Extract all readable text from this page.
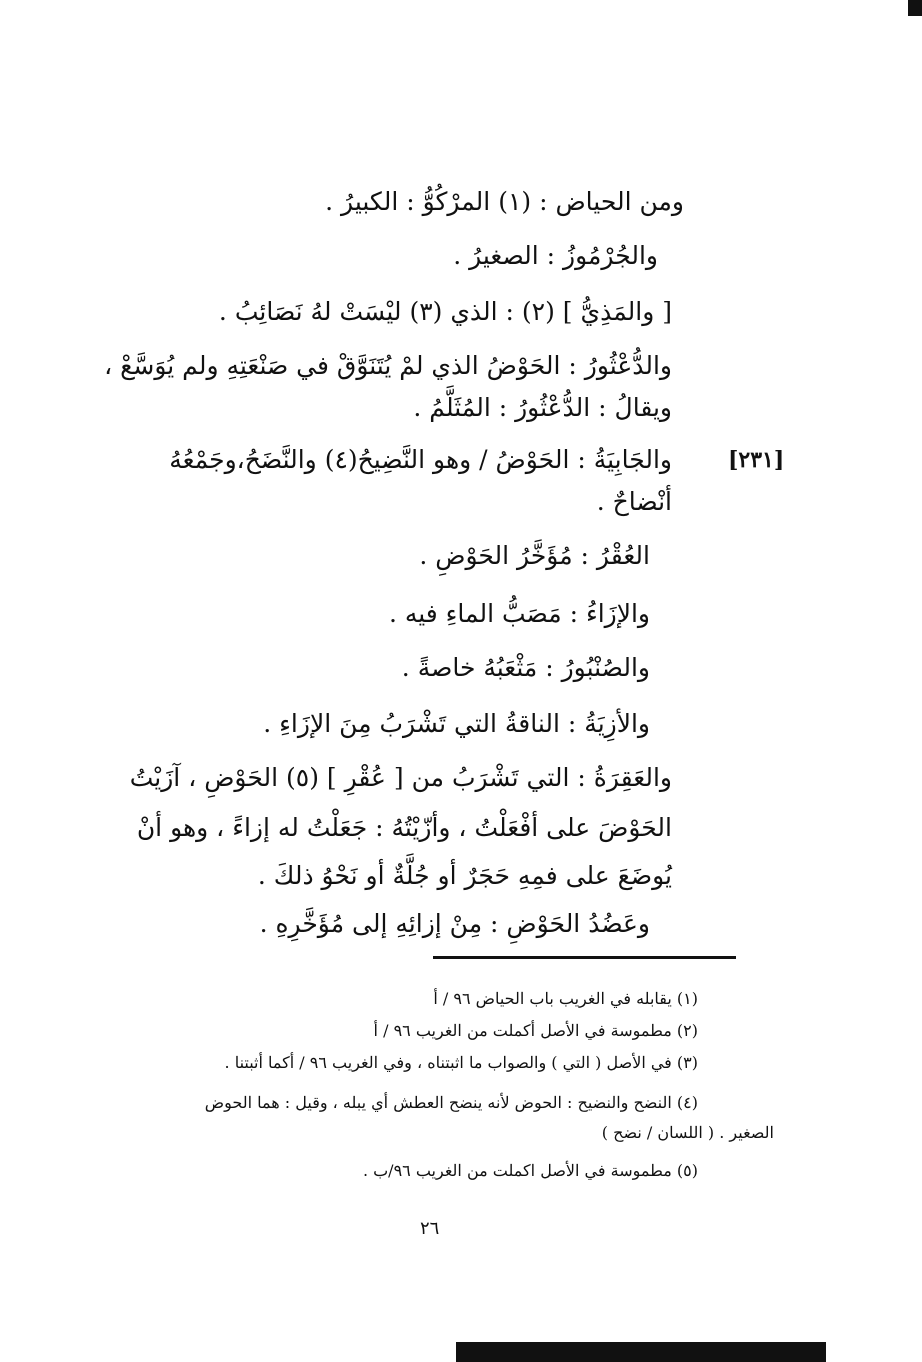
ومن الحياض : (١) المرْكُوُّ : الكبيرُ .
والجُرْمُوزُ : الصغيرُ .
[ والمَذِيُّ ] (٢) : الذي (٣) ليْسَتْ لهُ نَصَائِبُ .
والدُّعْثُورُ : الحَوْضُ الذي لمْ يُتَنَوَّقْ في صَنْعَتِهِ ولم يُوَسَّعْ ،
ويقالُ : الدُّعْثُورُ : المُثَلَّمُ .
[٢٣١]
والجَابِيَةُ : الحَوْضُ / وهو النَّضِيحُ(٤) والنَّضَحُ،وجَمْعُهُ
أنْضاحٌ .
العُقْرُ : مُؤَخَّرُ الحَوْضِ .
والإزَاءُ : مَصَبُّ الماءِ فيه .
والصُنْبُورُ : مَثْعَبُهُ خاصةً .
والأزِيَةُ : الناقةُ التي تَشْرَبُ مِنَ الإزَاءِ .
والعَقِرَةُ : التي تَشْرَبُ من [ عُقْرِ ] (٥) الحَوْضِ ، آزَيْتُ
الحَوْضَ على أفْعَلْتُ ، وأزّيْتُهُ : جَعَلْتُ له إزاءً ، وهو أنْ
يُوضَعَ على فمِهِ حَجَرٌ أو جُلَّةٌ أو نَحْوُ ذلكَ .
وعَضُدُ الحَوْضِ : مِنْ إزائِهِ إلى مُؤَخَّرِهِ .
(١) يقابله في الغريب باب الحياض ٩٦ / أ
(٢) مطموسة في الأصل أكملت من الغريب ٩٦ / أ
(٣) في الأصل ( التي ) والصواب ما اثبتناه ، وفي الغريب ٩٦ / أكما أثبتنا .
(٤) النضح والنضيح : الحوض لأنه ينضح العطش أي يبله ، وقيل : هما الحوض
الصغير . ( اللسان / نضح )
(٥) مطموسة في الأصل اكملت من الغريب ٩٦/ب .
٢٦
